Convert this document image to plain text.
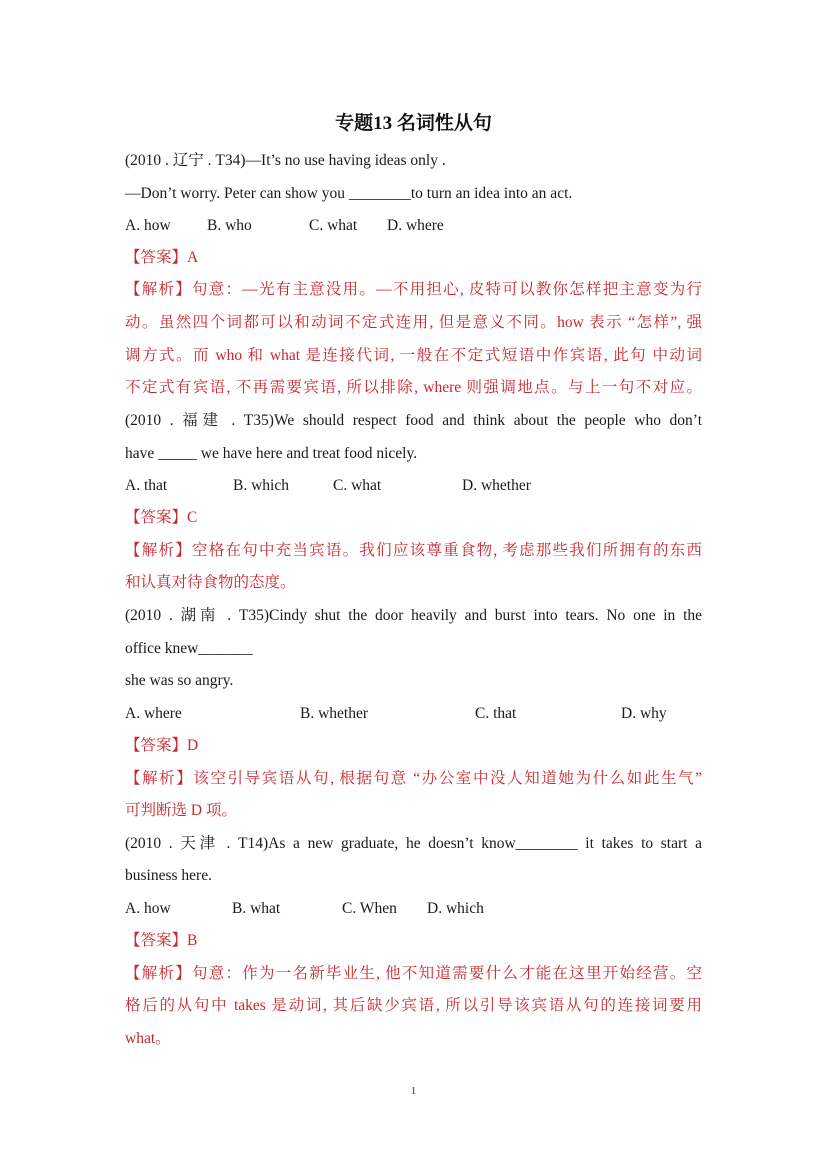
专题13 名词性从句
(2010 . 辽宁 . T34)—It’s no use having ideas only .
—Don’t worry. Peter can show you ________to turn an idea into an act.
A. how B. who	C. what D. where
【答案】A
【解析】句意：—光有主意没用。—不用担心, 皮特可以教你怎样把主意变为行
动。虽然四个词都可以和动词不定式连用, 但是意义不同。how 表示 “怎样”, 强
调方式。而 who 和 what 是连接代词, 一般在不定式短语中作宾语, 此句 中动词
不定式有宾语, 不再需要宾语, 所以排除, where 则强调地点。与上一句不对应。
(2010 . 福建 . T35)We should respect food and think about the people who don’t
have _____ we have here and treat food nicely.
A. that	B. which	C. what	D. whether
【答案】C
【解析】空格在句中充当宾语。我们应该尊重食物, 考虑那些我们所拥有的东西
和认真对待食物的态度。
(2010 . 湖南 . T35)Cindy shut the door heavily and burst into tears. No one in the
office knew_______
she was so angry.
A. where	B. whether	C. that	D. why
【答案】D
【解析】该空引导宾语从句, 根据句意 “办公室中没人知道她为什么如此生气”
可判断选 D 项。
(2010 . 天津 . T14)As a new graduate, he doesn’t know________ it takes to start a
business here.
A. how	B. what	C. When D. which
【答案】B
【解析】句意：作为一名新毕业生, 他不知道需要什么才能在这里开始经营。空
格后的从句中 takes 是动词, 其后缺少宾语, 所以引导该宾语从句的连接词要用
what。
1
